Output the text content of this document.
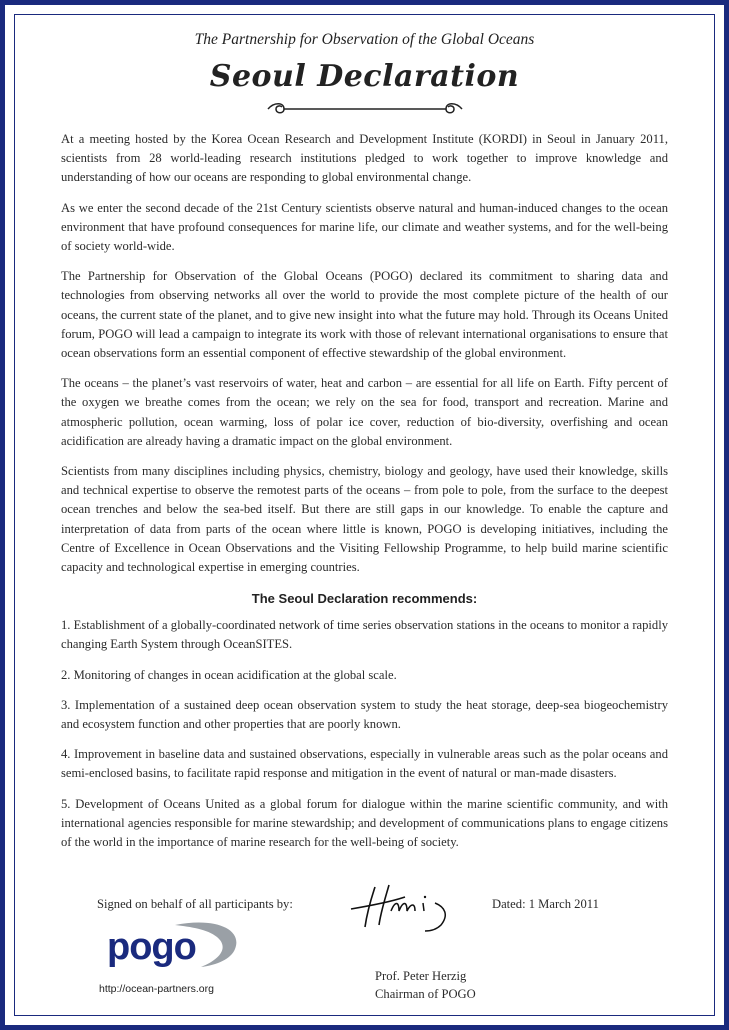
The Partnership for Observation of the Global Oceans

Seoul Declaration

At a meeting hosted by the Korea Ocean Research and Development Institute (KORDI) in Seoul in January 2011, scientists from 28 world-leading research institutions pledged to work together to improve knowledge and understanding of how our oceans are responding to global environmental change.

As we enter the second decade of the 21st Century scientists observe natural and human-induced changes to the ocean environment that have profound consequences for marine life, our climate and weather systems, and for the well-being of society world-wide.

The Partnership for Observation of the Global Oceans (POGO) declared its commitment to sharing data and technologies from observing networks all over the world to provide the most complete picture of the health of our oceans, the current state of the planet, and to give new insight into what the future may hold. Through its Oceans United forum, POGO will lead a campaign to integrate its work with those of relevant international organisations to ensure that ocean observations form an essential component of effective stewardship of the global environment.

The oceans – the planet’s vast reservoirs of water, heat and carbon – are essential for all life on Earth. Fifty percent of the oxygen we breathe comes from the ocean; we rely on the sea for food, transport and recreation. Marine and atmospheric pollution, ocean warming, loss of polar ice cover, reduction of bio-diversity, overfishing and ocean acidification are already having a dramatic impact on the global environment.

Scientists from many disciplines including physics, chemistry, biology and geology, have used their knowledge, skills and technical expertise to observe the remotest parts of the oceans – from pole to pole, from the surface to the deepest ocean trenches and below the sea-bed itself. But there are still gaps in our knowledge. To enable the capture and interpretation of data from parts of the ocean where little is known, POGO is developing initiatives, including the Centre of Excellence in Ocean Observations and the Visiting Fellowship Programme, to help build marine scientific capacity and technological expertise in emerging countries.

The Seoul Declaration recommends:

1. Establishment of a globally-coordinated network of time series observation stations in the oceans to monitor a rapidly changing Earth System through OceanSITES.

2. Monitoring of changes in ocean acidification at the global scale.

3. Implementation of a sustained deep ocean observation system to study the heat storage, deep-sea biogeochemistry and ecosystem function and other properties that are poorly known.

4. Improvement in baseline data and sustained observations, especially in vulnerable areas such as the polar oceans and semi-enclosed basins, to facilitate rapid response and mitigation in the event of natural or man-made disasters.

5. Development of Oceans United as a global forum for dialogue within the marine scientific community, and with international agencies responsible for marine stewardship; and development of communications plans to engage citizens of the world in the importance of marine research for the well-being of society.

Signed on behalf of all participants by:	Dated: 1 March 2011
pogo
http://ocean-partners.org
Prof. Peter Herzig
Chairman of POGO
